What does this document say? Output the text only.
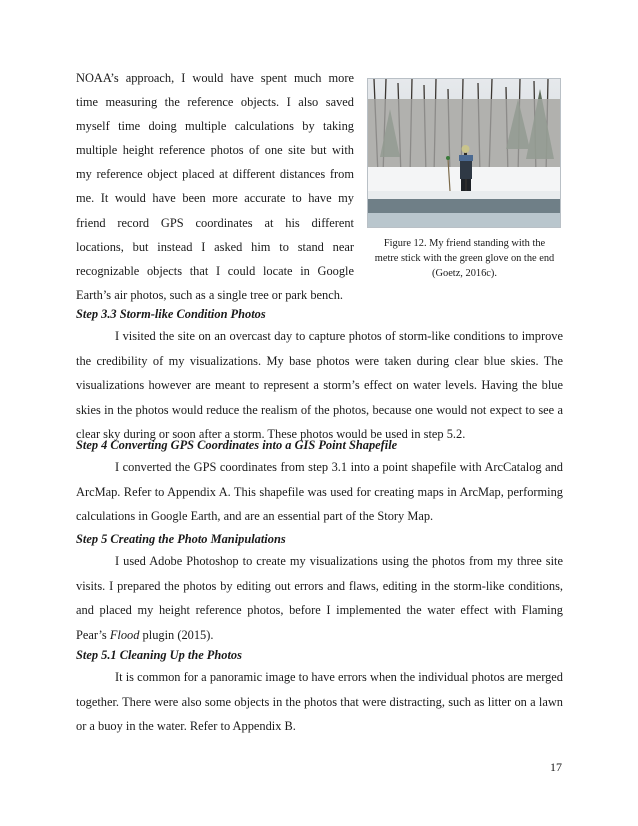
NOAA’s approach, I would have spent much more
time measuring the reference objects. I also saved
myself time doing multiple calculations by taking
multiple height reference photos of one site but with
my reference object placed at different distances from
me. It would have been more accurate to have my
friend record GPS coordinates at his different
locations, but instead I asked him to stand near
recognizable objects that I could locate in Google
Earth’s air photos, such as a single tree or park bench.
Figure 12. My friend standing with the
metre stick with the green glove on the end
(Goetz, 2016c).
Step 3.3 Storm-like Condition Photos
I visited the site on an overcast day to capture photos of storm-like conditions to improve the credibility of my visualizations. My base photos were taken during clear blue skies. The visualizations however are meant to represent a storm’s effect on water levels. Having the blue skies in the photos would reduce the realism of the photos, because one would not expect to see a clear sky during or soon after a storm. These photos would be used in step 5.2.
Step 4 Converting GPS Coordinates into a GIS Point Shapefile
I converted the GPS coordinates from step 3.1 into a point shapefile with ArcCatalog and ArcMap. Refer to Appendix A. This shapefile was used for creating maps in ArcMap, performing calculations in Google Earth, and are an essential part of the Story Map.
Step 5 Creating the Photo Manipulations
I used Adobe Photoshop to create my visualizations using the photos from my three site visits. I prepared the photos by editing out errors and flaws, editing in the storm-like conditions, and placed my height reference photos, before I implemented the water effect with Flaming Pear’s Flood plugin (2015).
Step 5.1 Cleaning Up the Photos
It is common for a panoramic image to have errors when the individual photos are merged together. There were also some objects in the photos that were distracting, such as litter on a lawn or a buoy in the water. Refer to Appendix B.
17
